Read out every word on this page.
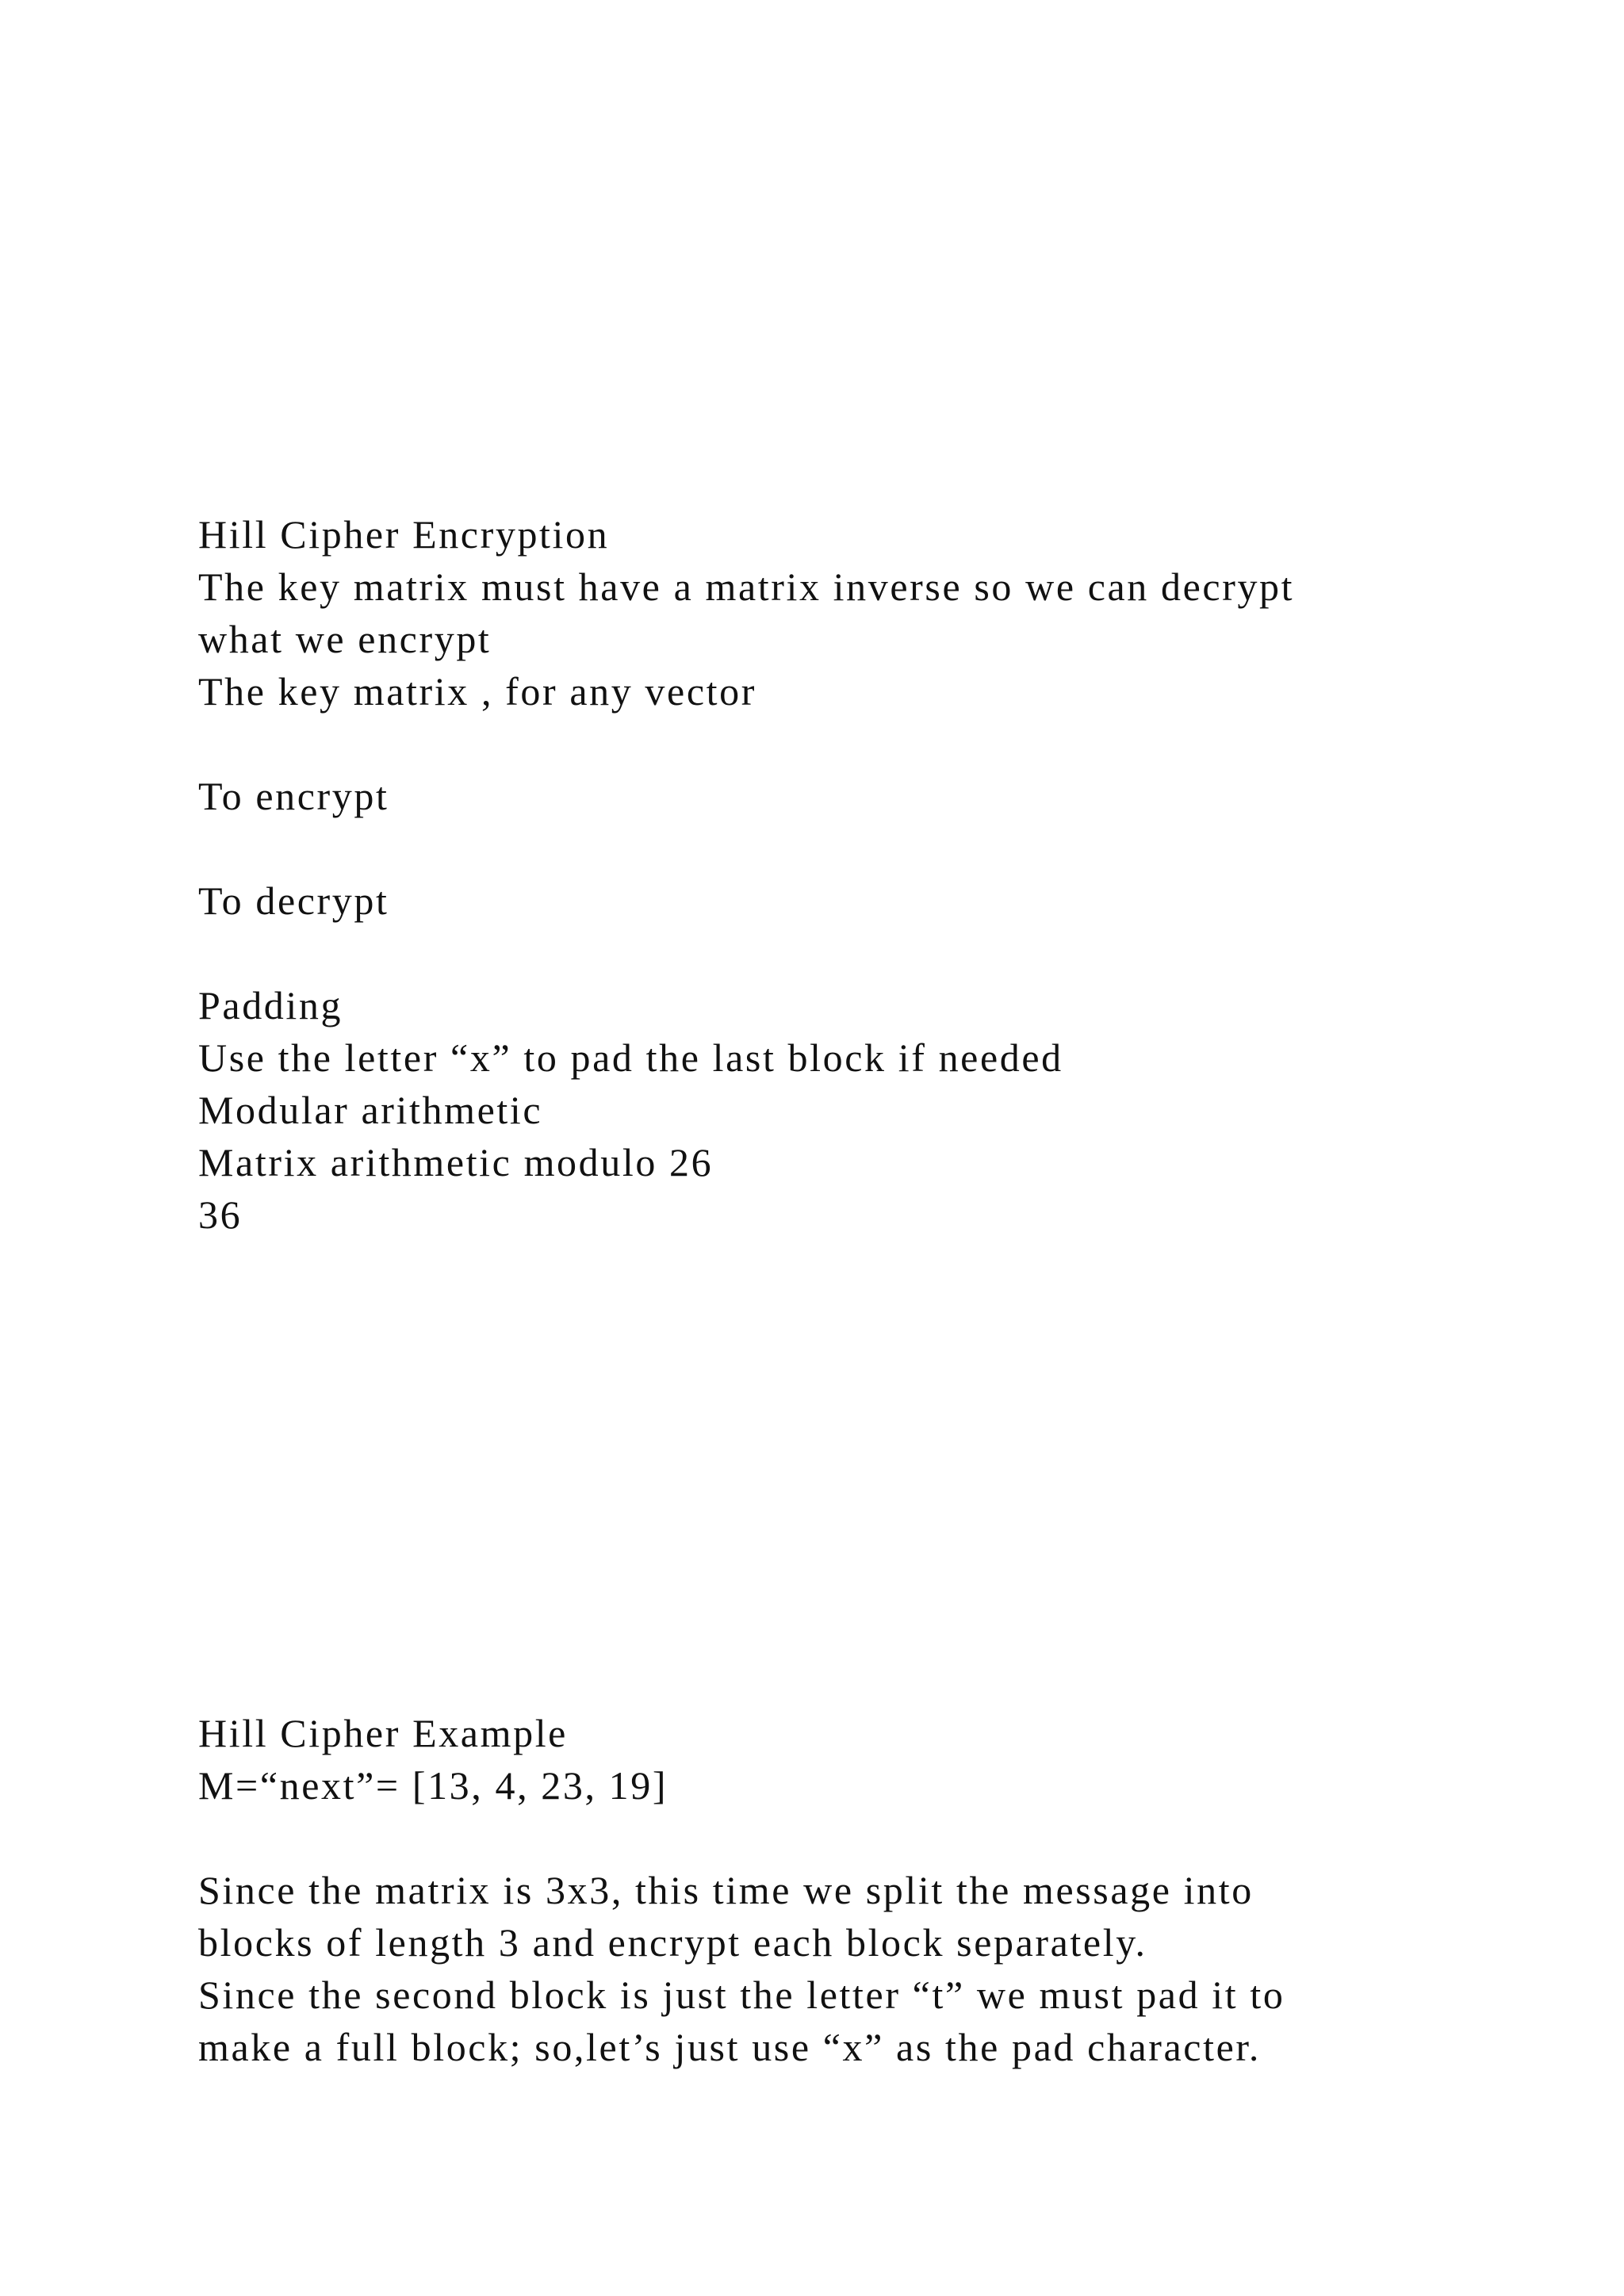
Hill Cipher Encryption

The key matrix must have a matrix inverse so we can decrypt

what we encrypt

The key matrix , for any vector

To encrypt

To decrypt

Padding

Use the letter “x” to pad the last block if needed

Modular arithmetic

Matrix arithmetic modulo 26

36

Hill Cipher Example

M=“next”= [13, 4, 23, 19]

Since the matrix is 3x3, this time we split the message into

blocks of length 3 and encrypt each block separately.

Since the second block is just the letter “t” we must pad it to

make a full block; so,let’s just use “x” as the pad character.
